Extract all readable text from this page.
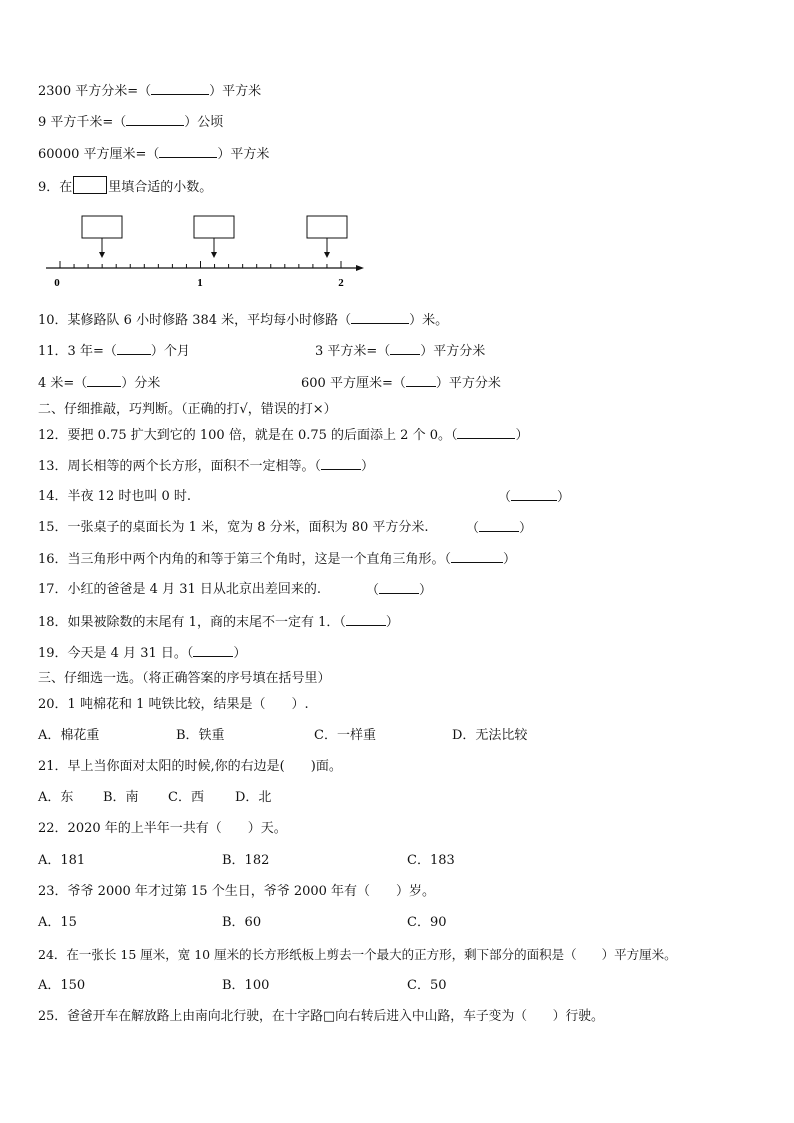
2300 平方分米=（	）平方米
9 平方千米=（	）公顷
60000 平方厘米=（	）平方米
9．在	里填合适的小数。
0	1	2
10．某修路队 6 小时修路 384 米，平均每小时修路（	）米。
11．3 年=（	）个月	3 平方米=（ ）平方分米
4 米=（	）分米	600 平方厘米=（ ）平方分米
二、仔细推敲，巧判断。（正确的打√，错误的打×）
12．要把 0.75 扩大到它的 100 倍，就是在 0.75 的后面添上 2 个 0。（	）
13．周长相等的两个长方形，面积不一定相等。（	）
14．半夜 12 时也叫 0 时.	（	）
15．一张桌子的桌面长为 1 米，宽为 8 分米，面积为 80 平方分米.	（	）
16．当三角形中两个内角的和等于第三个角时，这是一个直角三角形。（	）
17．小红的爸爸是 4 月 31 日从北京出差回来的.	（	）
18．如果被除数的末尾有 1，商的末尾不一定有 1．（	）
19．今天是 4 月 31 日。（	）
三、仔细选一选。（将正确答案的序号填在括号里）
20．1 吨棉花和 1 吨铁比较，结果是（　　）.
A．棉花重	B．铁重	C．一样重	D．无法比较
21．早上当你面对太阳的时候,你的右边是(　　)面。
A．东 B．南 C．西 D．北
22．2020 年的上半年一共有（　　）天。
A．181	B．182	C．183
23．爷爷 2000 年才过第 15 个生日，爷爷 2000 年有（　　）岁。
A．15	B．60	C．90
24．在一张长 15 厘米，宽 10 厘米的长方形纸板上剪去一个最大的正方形，剩下部分的面积是（　　）平方厘米。
A．150	B．100	C．50
25．爸爸开车在解放路上由南向北行驶，在十字路□向右转后进入中山路，车子变为（　　）行驶。
